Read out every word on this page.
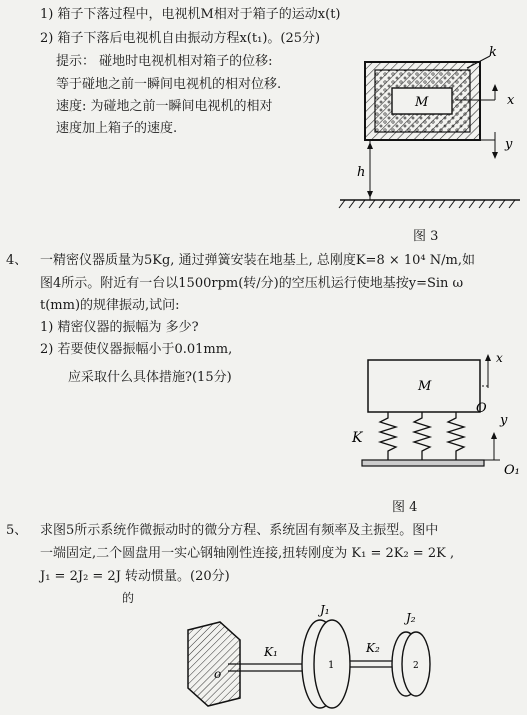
1) 箱子下落过程中，电视机M相对于箱子的运动x(t)
2) 箱子下落后电视机自由振动方程x(t₁)。(25分)
提示： 碰地时电视机相对箱子的位移:
等于碰地之前一瞬间电视机的相对位移.
速度: 为碰地之前一瞬间电视机的相对
速度加上箱子的速度.
M
k
x
y
h
图 3
4、 一精密仪器质量为5Kg, 通过弹簧安装在地基上, 总刚度K=8 × 10⁴ N/m,如
图4所示。附近有一台以1500rpm(转/分)的空压机运行使地基按y=Sin ω
t(mm)的规律振动,试问:
1) 精密仪器的振幅为 多少?
2) 若要使仪器振幅小于0.01mm,
应采取什么具体措施?(15分)
M
K
x
O
y
O₁
图 4
5、 求图5所示系统作微振动时的微分方程、系统固有频率及主振型。图中
一端固定,二个圆盘用一实心钢轴刚性连接,扭转刚度为 K₁ = 2K₂ = 2K ,
J₁ = 2J₂ = 2J 转动惯量。(20分)
的
o
K₁
1
J₁
K₂
2
J₂
